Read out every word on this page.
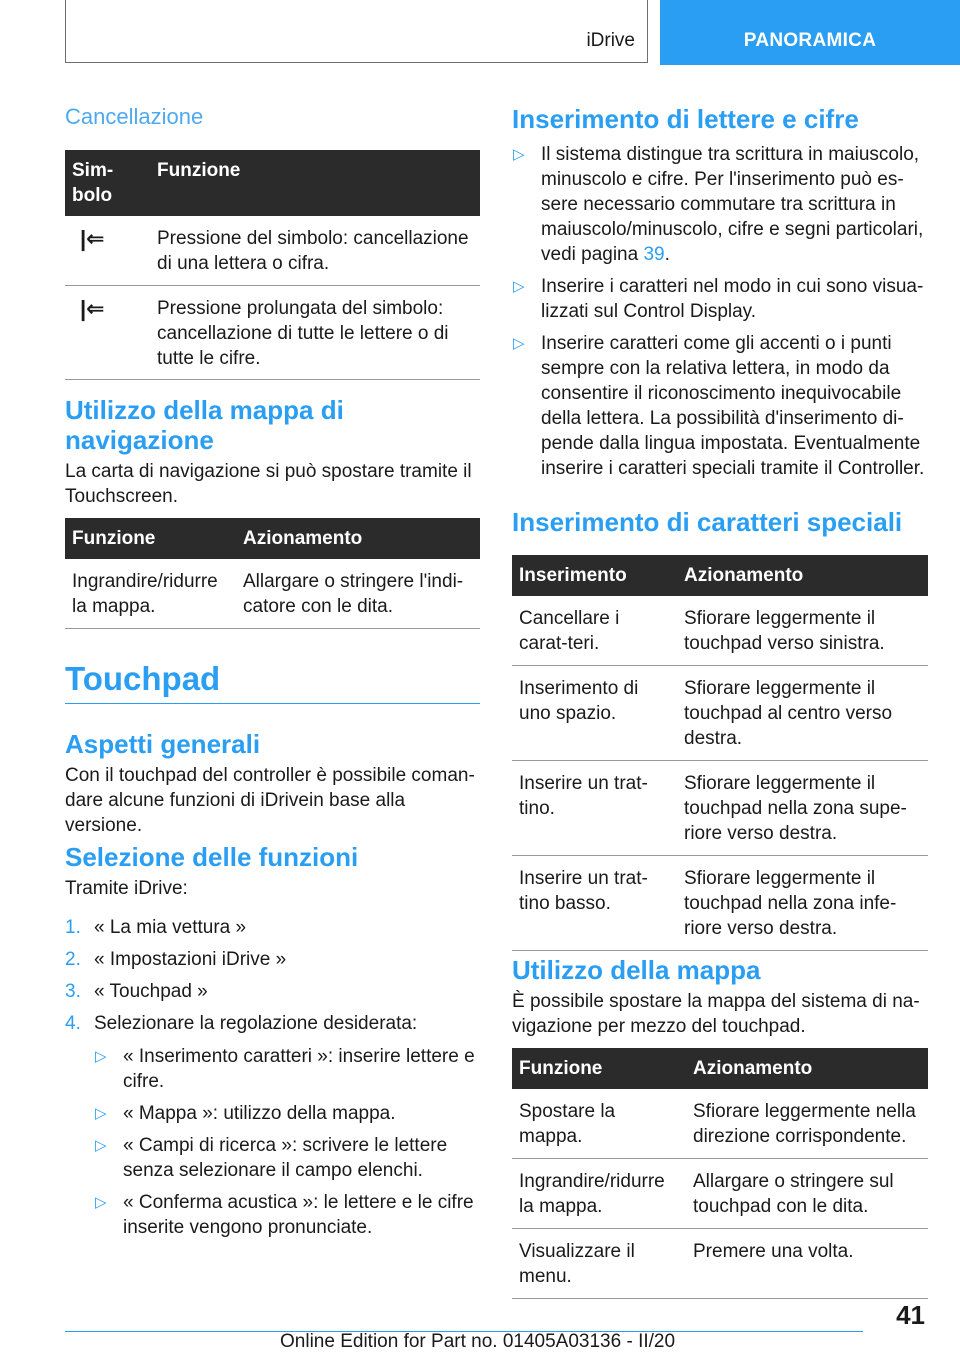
iDrive	PANORAMICA
Cancellazione
Sim-
bolo	Funzione
|⇐	Pressione del simbolo: cancellazione di una lettera o cifra.
|⇐	Pressione prolungata del simbolo: cancellazione di tutte le lettere o di tutte le cifre.
Utilizzo della mappa di navigazione

La carta di navigazione si può spostare tramite il Touchscreen.

Funzione	Azionamento
Ingrandire/ridurre la mappa.	Allargare o stringere l'indi-catore con le dita.
Touchpad
Aspetti generali

Con il touchpad del controller è possibile coman-dare alcune funzioni di iDrivein base alla versione.

Selezione delle funzioni

Tramite iDrive:

1. « La mia vettura »
2. « Impostazioni iDrive »
3. « Touchpad »
4. Selezionare la regolazione desiderata:
▷ « Inserimento caratteri »: inserire lettere e cifre.
▷ « Mappa »: utilizzo della mappa.
▷ « Campi di ricerca »: scrivere le lettere senza selezionare il campo elenchi.
▷ « Conferma acustica »: le lettere e le cifre inserite vengono pronunciate.
Inserimento di lettere e cifre
▷ Il sistema distingue tra scrittura in maiuscolo, minuscolo e cifre. Per l'inserimento può es-sere necessario commutare tra scrittura in maiuscolo/minuscolo, cifre e segni particolari, vedi pagina 39.
▷ Inserire i caratteri nel modo in cui sono visua-lizzati sul Control Display.
▷ Inserire caratteri come gli accenti o i punti sempre con la relativa lettera, in modo da consentire il riconoscimento inequivocabile della lettera. La possibilità d'inserimento di-pende dalla lingua impostata. Eventualmente inserire i caratteri speciali tramite il Controller.
Inserimento di caratteri speciali
Inserimento	Azionamento
Cancellare i carat-teri.	Sfiorare leggermente il touchpad verso sinistra.
Inserimento di uno spazio.	Sfiorare leggermente il touchpad al centro verso destra.
Inserire un trat-tino.	Sfiorare leggermente il touchpad nella zona supe-riore verso destra.
Inserire un trat-tino basso.	Sfiorare leggermente il touchpad nella zona infe-riore verso destra.
Utilizzo della mappa

È possibile spostare la mappa del sistema di na-vigazione per mezzo del touchpad.

Funzione	Azionamento
Spostare la mappa.	Sfiorare leggermente nella direzione corrispondente.
Ingrandire/ridurre la mappa.	Allargare o stringere sul touchpad con le dita.
Visualizzare il menu.	Premere una volta.
41
Online Edition for Part no. 01405A03136 - II/20
